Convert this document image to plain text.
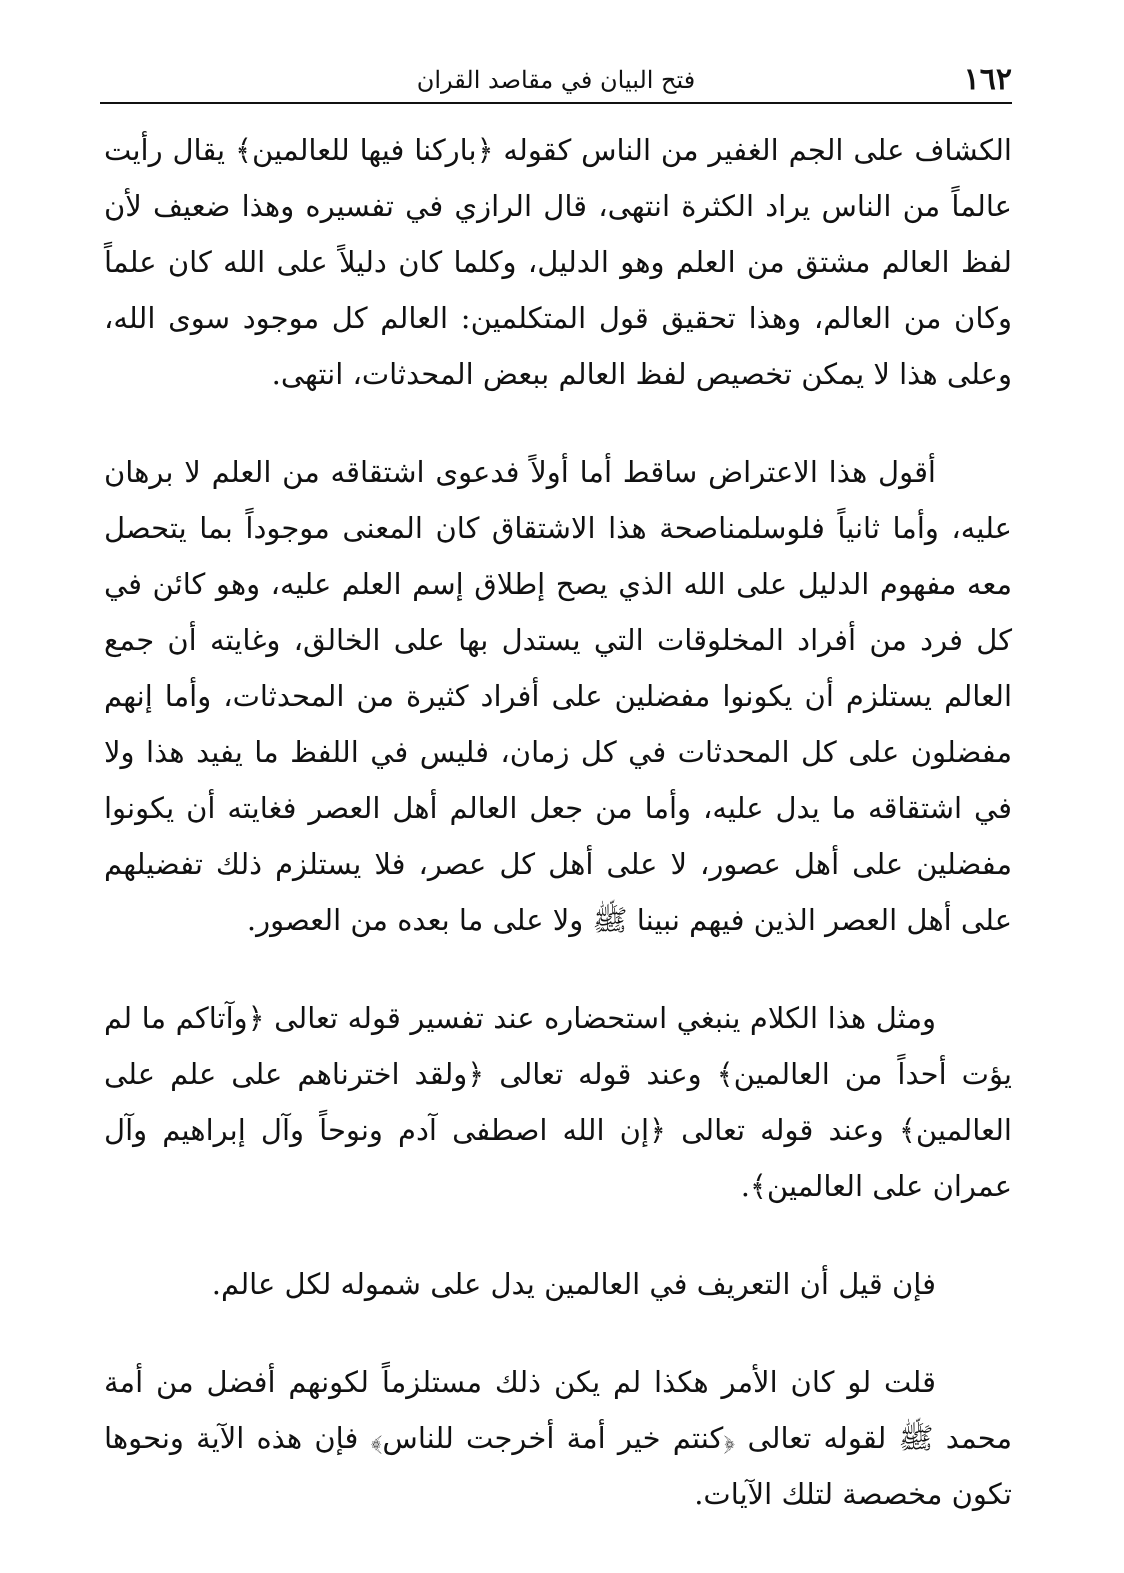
١٦٢
فتح البيان في مقاصد القران

الكشاف على الجم الغفير من الناس كقوله ﴿باركنا فيها للعالمين﴾ يقال رأيت عالماً من الناس يراد الكثرة انتهى، قال الرازي في تفسيره وهذا ضعيف لأن لفظ العالم مشتق من العلم وهو الدليل، وكلما كان دليلاً على الله كان علماً وكان من العالم، وهذا تحقيق قول المتكلمين: العالم كل موجود سوى الله، وعلى هذا لا يمكن تخصيص لفظ العالم ببعض المحدثات، انتهى.

أقول هذا الاعتراض ساقط أما أولاً فدعوى اشتقاقه من العلم لا برهان عليه، وأما ثانياً فلوسلمناصحة هذا الاشتقاق كان المعنى موجوداً بما يتحصل معه مفهوم الدليل على الله الذي يصح إطلاق إسم العلم عليه، وهو كائن في كل فرد من أفراد المخلوقات التي يستدل بها على الخالق، وغايته أن جمع العالم يستلزم أن يكونوا مفضلين على أفراد كثيرة من المحدثات، وأما إنهم مفضلون على كل المحدثات في كل زمان، فليس في اللفظ ما يفيد هذا ولا في اشتقاقه ما يدل عليه، وأما من جعل العالم أهل العصر فغايته أن يكونوا مفضلين على أهل عصور، لا على أهل كل عصر، فلا يستلزم ذلك تفضيلهم على أهل العصر الذين فيهم نبينا ﷺ ولا على ما بعده من العصور.

ومثل هذا الكلام ينبغي استحضاره عند تفسير قوله تعالى ﴿وآتاكم ما لم يؤت أحداً من العالمين﴾ وعند قوله تعالى ﴿ولقد اخترناهم على علم على العالمين﴾ وعند قوله تعالى ﴿إن الله اصطفى آدم ونوحاً وآل إبراهيم وآل عمران على العالمين﴾.

فإن قيل أن التعريف في العالمين يدل على شموله لكل عالم.

قلت لو كان الأمر هكذا لم يكن ذلك مستلزماً لكونهم أفضل من أمة محمد ﷺ لقوله تعالى ﴿كنتم خير أمة أخرجت للناس﴾ فإن هذه الآية ونحوها تكون مخصصة لتلك الآيات.
